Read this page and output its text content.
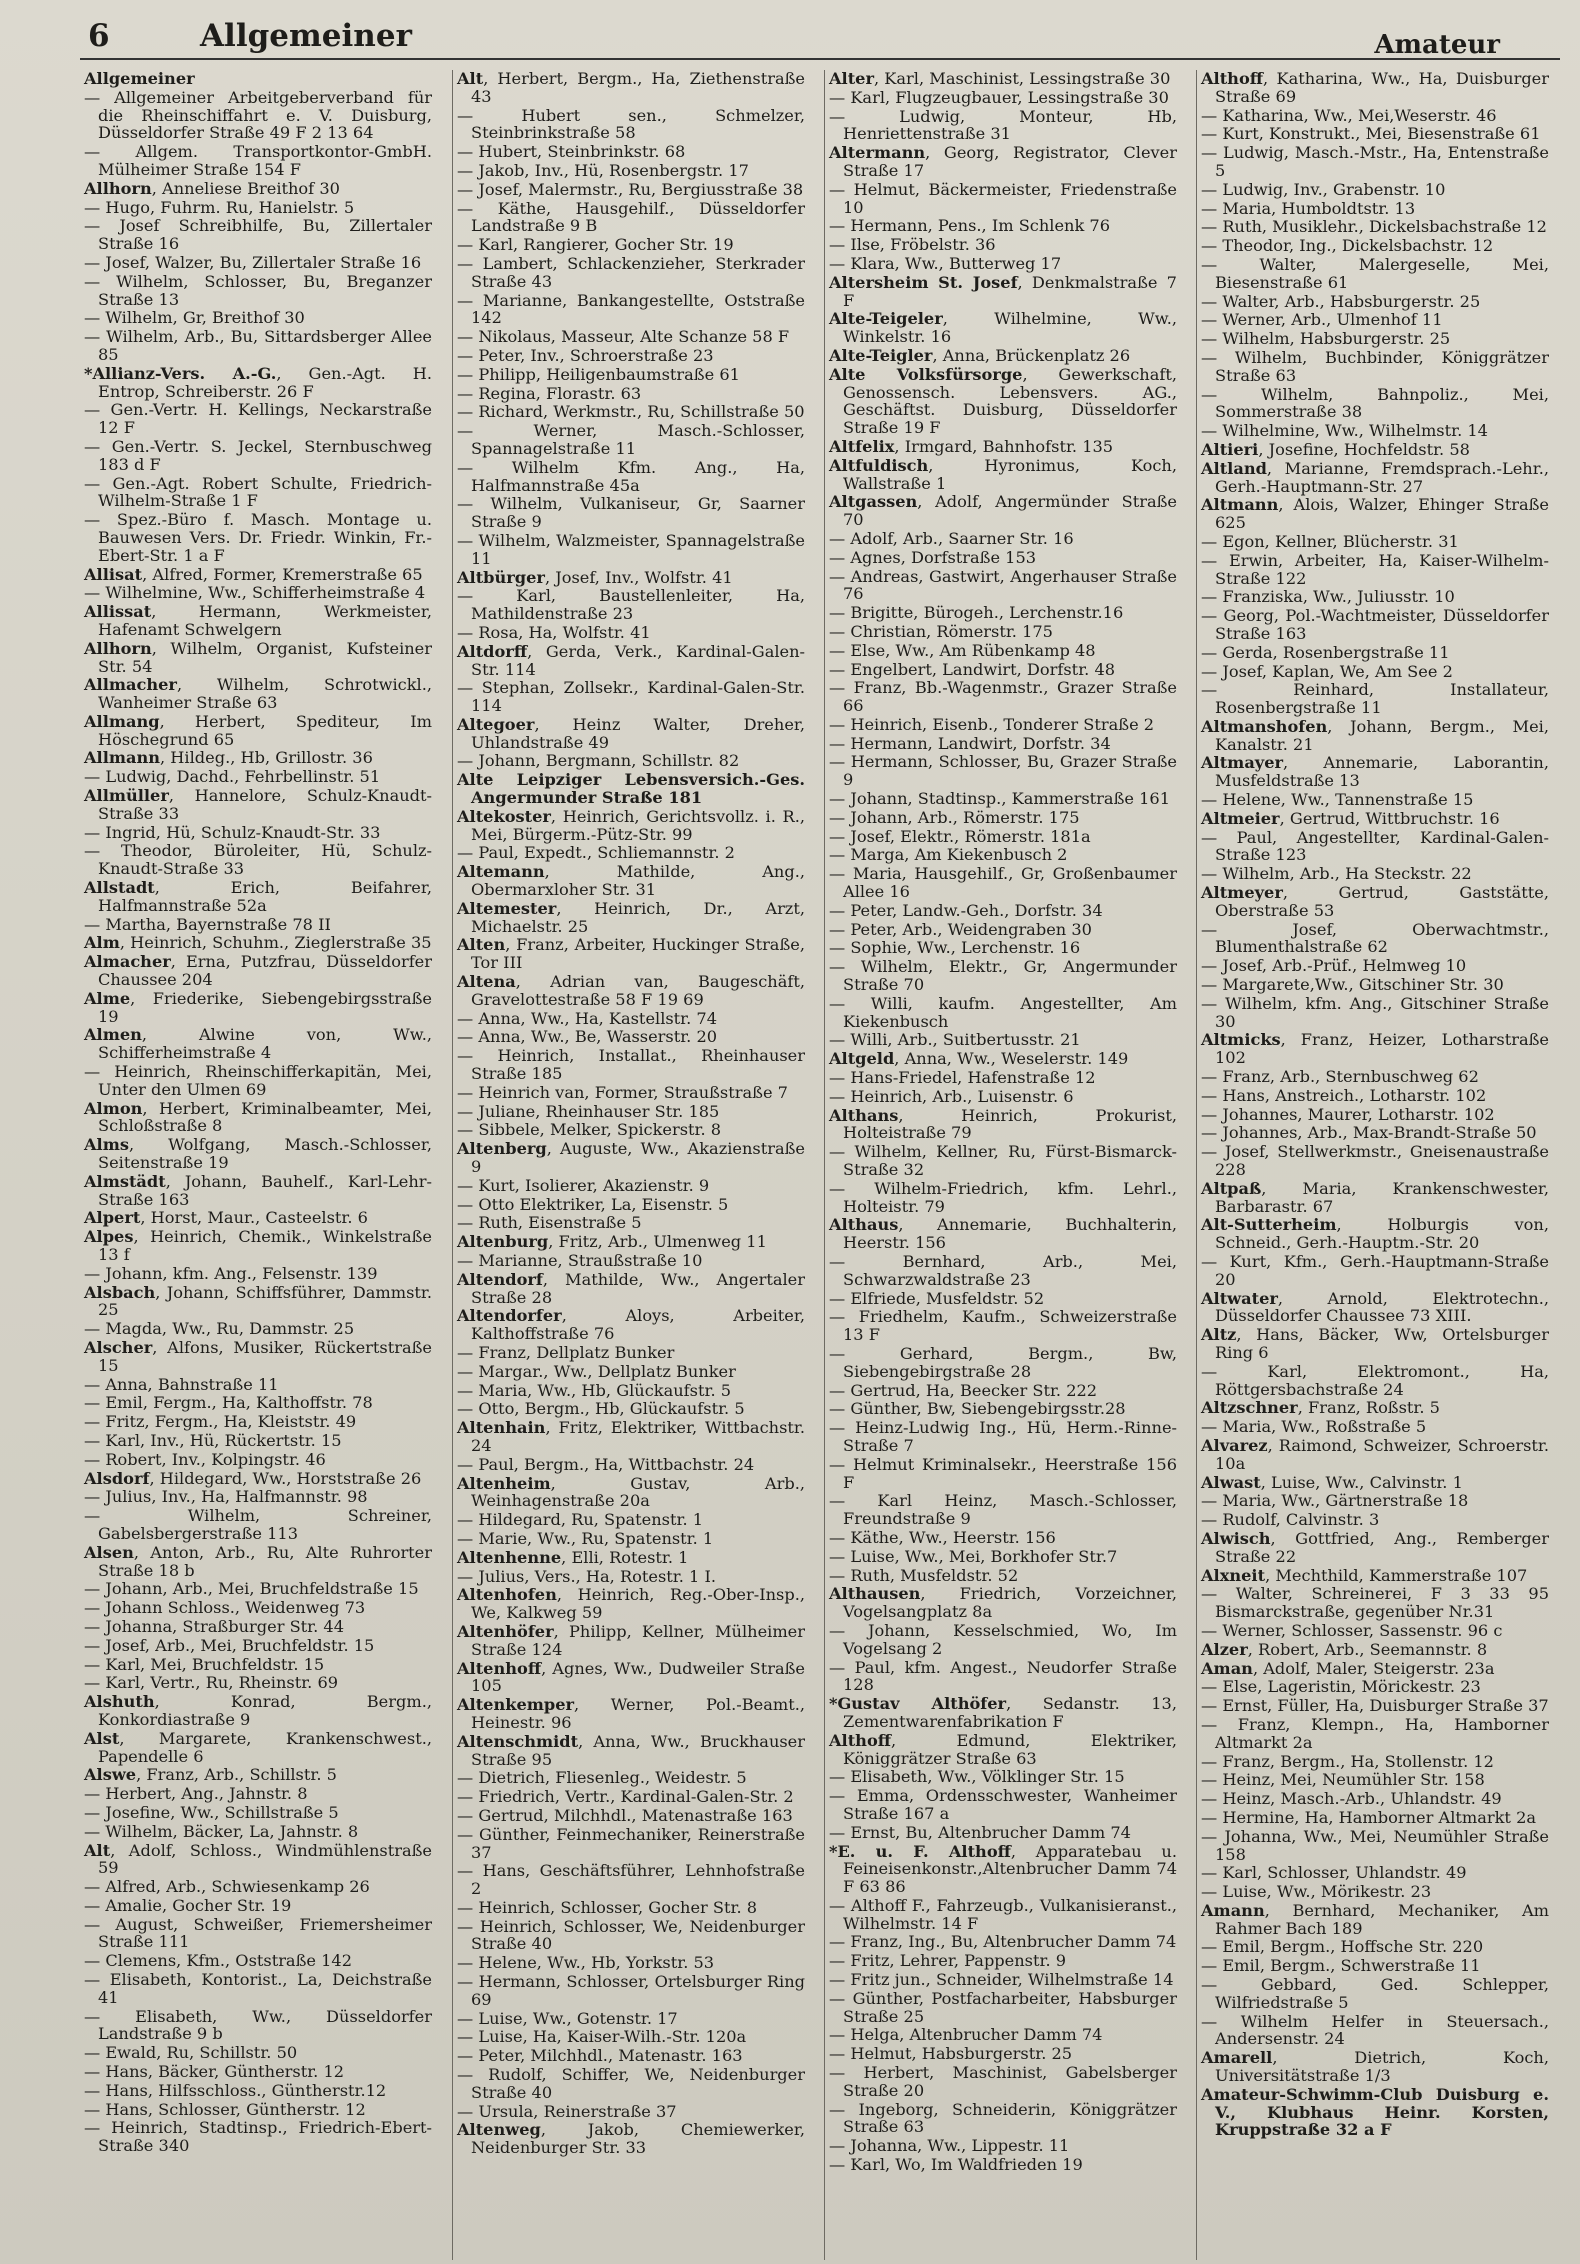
6	Allgemeiner	Amateur
Allgemeiner
— Allgemeiner Arbeitgeberverband für die Rheinschiffahrt e. V. Duisburg, Düsseldorfer Straße 49 F 2 13 64
— Allgem. Transportkontor-GmbH. Mülheimer Straße 154 F
Allhorn, Anneliese Breithof 30
— Hugo, Fuhrm. Ru, Hanielstr. 5
— Josef Schreibhilfe, Bu, Zillertaler Straße 16
— Josef, Walzer, Bu, Zillertaler Straße 16
— Wilhelm, Schlosser, Bu, Breganzer Straße 13
— Wilhelm, Gr, Breithof 30
— Wilhelm, Arb., Bu, Sittardsberger Allee 85
*Allianz-Vers. A.-G., Gen.-Agt. H. Entrop, Schreiberstr. 26 F
— Gen.-Vertr. H. Kellings, Neckarstraße 12 F
— Gen.-Vertr. S. Jeckel, Sternbuschweg 183 d F
— Gen.-Agt. Robert Schulte, Friedrich-Wilhelm-Straße 1 F
— Spez.-Büro f. Masch. Montage u. Bauwesen Vers. Dr. Friedr. Winkin, Fr.-Ebert-Str. 1 a F
Allisat, Alfred, Former, Kremerstraße 65
— Wilhelmine, Ww., Schifferheimstraße 4
Allissat, Hermann, Werkmeister, Hafenamt Schwelgern
Allhorn, Wilhelm, Organist, Kufsteiner Str. 54
Allmacher, Wilhelm, Schrotwickl., Wanheimer Straße 63
Allmang, Herbert, Spediteur, Im Höschegrund 65
Allmann, Hildeg., Hb, Grillostr. 36
— Ludwig, Dachd., Fehrbellinstr. 51
Allmüller, Hannelore, Schulz-Knaudt-Straße 33
— Ingrid, Hü, Schulz-Knaudt-Str. 33
— Theodor, Büroleiter, Hü, Schulz-Knaudt-Straße 33
Allstadt, Erich, Beifahrer, Halfmannstraße 52a
— Martha, Bayernstraße 78 II
Alm, Heinrich, Schuhm., Zieglerstraße 35
Almacher, Erna, Putzfrau, Düsseldorfer Chaussee 204
Alme, Friederike, Siebengebirgsstraße 19
Almen, Alwine von, Ww., Schifferheimstraße 4
— Heinrich, Rheinschifferkapitän, Mei, Unter den Ulmen 69
Almon, Herbert, Kriminalbeamter, Mei, Schloßstraße 8
Alms, Wolfgang, Masch.-Schlosser, Seitenstraße 19
Almstädt, Johann, Bauhelf., Karl-Lehr-Straße 163
Alpert, Horst, Maur., Casteelstr. 6
Alpes, Heinrich, Chemik., Winkelstraße 13 f
— Johann, kfm. Ang., Felsenstr. 139
Alsbach, Johann, Schiffsführer, Dammstr. 25
— Magda, Ww., Ru, Dammstr. 25
Alscher, Alfons, Musiker, Rückertstraße 15
— Anna, Bahnstraße 11
— Emil, Fergm., Ha, Kalthoffstr. 78
— Fritz, Fergm., Ha, Kleiststr. 49
— Karl, Inv., Hü, Rückertstr. 15
— Robert, Inv., Kolpingstr. 46
Alsdorf, Hildegard, Ww., Horststraße 26
— Julius, Inv., Ha, Halfmannstr. 98
— Wilhelm, Schreiner, Gabelsbergerstraße 113
Alsen, Anton, Arb., Ru, Alte Ruhrorter Straße 18 b
— Johann, Arb., Mei, Bruchfeldstraße 15
— Johann Schloss., Weidenweg 73
— Johanna, Straßburger Str. 44
— Josef, Arb., Mei, Bruchfeldstr. 15
— Karl, Mei, Bruchfeldstr. 15
— Karl, Vertr., Ru, Rheinstr. 69
Alshuth, Konrad, Bergm., Konkordiastraße 9
Alst, Margarete, Krankenschwest., Papendelle 6
Alswe, Franz, Arb., Schillstr. 5
— Herbert, Ang., Jahnstr. 8
— Josefine, Ww., Schillstraße 5
— Wilhelm, Bäcker, La, Jahnstr. 8
Alt, Adolf, Schloss., Windmühlenstraße 59
— Alfred, Arb., Schwiesenkamp 26
— Amalie, Gocher Str. 19
— August, Schweißer, Friemersheimer Straße 111
— Clemens, Kfm., Oststraße 142
— Elisabeth, Kontorist., La, Deichstraße 41
— Elisabeth, Ww., Düsseldorfer Landstraße 9 b
— Ewald, Ru, Schillstr. 50
— Hans, Bäcker, Güntherstr. 12
— Hans, Hilfsschloss., Güntherstr.12
— Hans, Schlosser, Güntherstr. 12
— Heinrich, Stadtinsp., Friedrich-Ebert-Straße 340
Alt, Herbert, Bergm., Ha, Ziethenstraße 43
— Hubert sen., Schmelzer, Steinbrinkstraße 58
— Hubert, Steinbrinkstr. 68
— Jakob, Inv., Hü, Rosenbergstr. 17
— Josef, Malermstr., Ru, Bergiusstraße 38
— Käthe, Hausgehilf., Düsseldorfer Landstraße 9 B
— Karl, Rangierer, Gocher Str. 19
— Lambert, Schlackenzieher, Sterkrader Straße 43
— Marianne, Bankangestellte, Oststraße 142
— Nikolaus, Masseur, Alte Schanze 58 F
— Peter, Inv., Schroerstraße 23
— Philipp, Heiligenbaumstraße 61
— Regina, Florastr. 63
— Richard, Werkmstr., Ru, Schillstraße 50
— Werner, Masch.-Schlosser, Spannagelstraße 11
— Wilhelm Kfm. Ang., Ha, Halfmannstraße 45a
— Wilhelm, Vulkaniseur, Gr, Saarner Straße 9
— Wilhelm, Walzmeister, Spannagelstraße 11
Altbürger, Josef, Inv., Wolfstr. 41
— Karl, Baustellenleiter, Ha, Mathildenstraße 23
— Rosa, Ha, Wolfstr. 41
Altdorff, Gerda, Verk., Kardinal-Galen-Str. 114
— Stephan, Zollsekr., Kardinal-Galen-Str. 114
Altegoer, Heinz Walter, Dreher, Uhlandstraße 49
— Johann, Bergmann, Schillstr. 82
Alte Leipziger Lebensversich.-Ges. Angermunder Straße 181
Altekoster, Heinrich, Gerichtsvollz. i. R., Mei, Bürgerm.-Pütz-Str. 99
— Paul, Expedt., Schliemannstr. 2
Altemann, Mathilde, Ang., Obermarxloher Str. 31
Altemester, Heinrich, Dr., Arzt, Michaelstr. 25
Alten, Franz, Arbeiter, Huckinger Straße, Tor III
Altena, Adrian van, Baugeschäft, Gravelottestraße 58 F 19 69
— Anna, Ww., Ha, Kastellstr. 74
— Anna, Ww., Be, Wasserstr. 20
— Heinrich, Installat., Rheinhauser Straße 185
— Heinrich van, Former, Straußstraße 7
— Juliane, Rheinhauser Str. 185
— Sibbele, Melker, Spickerstr. 8
Altenberg, Auguste, Ww., Akazienstraße 9
— Kurt, Isolierer, Akazienstr. 9
— Otto Elektriker, La, Eisenstr. 5
— Ruth, Eisenstraße 5
Altenburg, Fritz, Arb., Ulmenweg 11
— Marianne, Straußstraße 10
Altendorf, Mathilde, Ww., Angertaler Straße 28
Altendorfer, Aloys, Arbeiter, Kalthoffstraße 76
— Franz, Dellplatz Bunker
— Margar., Ww., Dellplatz Bunker
— Maria, Ww., Hb, Glückaufstr. 5
— Otto, Bergm., Hb, Glückaufstr. 5
Altenhain, Fritz, Elektriker, Wittbachstr. 24
— Paul, Bergm., Ha, Wittbachstr. 24
Altenheim, Gustav, Arb., Weinhagenstraße 20a
— Hildegard, Ru, Spatenstr. 1
— Marie, Ww., Ru, Spatenstr. 1
Altenhenne, Elli, Rotestr. 1
— Julius, Vers., Ha, Rotestr. 1 I.
Altenhofen, Heinrich, Reg.-Ober-Insp., We, Kalkweg 59
Altenhöfer, Philipp, Kellner, Mülheimer Straße 124
Altenhoff, Agnes, Ww., Dudweiler Straße 105
Altenkemper, Werner, Pol.-Beamt., Heinestr. 96
Altenschmidt, Anna, Ww., Bruckhauser Straße 95
— Dietrich, Fliesenleg., Weidestr. 5
— Friedrich, Vertr., Kardinal-Galen-Str. 2
— Gertrud, Milchhdl., Matenastraße 163
— Günther, Feinmechaniker, Reinerstraße 37
— Hans, Geschäftsführer, Lehnhofstraße 2
— Heinrich, Schlosser, Gocher Str. 8
— Heinrich, Schlosser, We, Neidenburger Straße 40
— Helene, Ww., Hb, Yorkstr. 53
— Hermann, Schlosser, Ortelsburger Ring 69
— Luise, Ww., Gotenstr. 17
— Luise, Ha, Kaiser-Wilh.-Str. 120a
— Peter, Milchhdl., Matenastr. 163
— Rudolf, Schiffer, We, Neidenburger Straße 40
— Ursula, Reinerstraße 37
Altenweg, Jakob, Chemiewerker, Neidenburger Str. 33
Alter, Karl, Maschinist, Lessingstraße 30
— Karl, Flugzeugbauer, Lessingstraße 30
— Ludwig, Monteur, Hb, Henriettenstraße 31
Altermann, Georg, Registrator, Clever Straße 17
— Helmut, Bäckermeister, Friedenstraße 10
— Hermann, Pens., Im Schlenk 76
— Ilse, Fröbelstr. 36
— Klara, Ww., Butterweg 17
Altersheim St. Josef, Denkmalstraße 7 F
Alte-Teigeler, Wilhelmine, Ww., Winkelstr. 16
Alte-Teigler, Anna, Brückenplatz 26
Alte Volksfürsorge, Gewerkschaft, Genossensch. Lebensvers. AG., Geschäftst. Duisburg, Düsseldorfer Straße 19 F
Altfelix, Irmgard, Bahnhofstr. 135
Altfuldisch, Hyronimus, Koch, Wallstraße 1
Altgassen, Adolf, Angermünder Straße 70
— Adolf, Arb., Saarner Str. 16
— Agnes, Dorfstraße 153
— Andreas, Gastwirt, Angerhauser Straße 76
— Brigitte, Bürogeh., Lerchenstr.16
— Christian, Römerstr. 175
— Else, Ww., Am Rübenkamp 48
— Engelbert, Landwirt, Dorfstr. 48
— Franz, Bb.-Wagenmstr., Grazer Straße 66
— Heinrich, Eisenb., Tonderer Straße 2
— Hermann, Landwirt, Dorfstr. 34
— Hermann, Schlosser, Bu, Grazer Straße 9
— Johann, Stadtinsp., Kammerstraße 161
— Johann, Arb., Römerstr. 175
— Josef, Elektr., Römerstr. 181a
— Marga, Am Kiekenbusch 2
— Maria, Hausgehilf., Gr, Großenbaumer Allee 16
— Peter, Landw.-Geh., Dorfstr. 34
— Peter, Arb., Weidengraben 30
— Sophie, Ww., Lerchenstr. 16
— Wilhelm, Elektr., Gr, Angermunder Straße 70
— Willi, kaufm. Angestellter, Am Kiekenbusch
— Willi, Arb., Suitbertusstr. 21
Altgeld, Anna, Ww., Weselerstr. 149
— Hans-Friedel, Hafenstraße 12
— Heinrich, Arb., Luisenstr. 6
Althans, Heinrich, Prokurist, Holteistraße 79
— Wilhelm, Kellner, Ru, Fürst-Bismarck-Straße 32
— Wilhelm-Friedrich, kfm. Lehrl., Holteistr. 79
Althaus, Annemarie, Buchhalterin, Heerstr. 156
— Bernhard, Arb., Mei, Schwarzwaldstraße 23
— Elfriede, Musfeldstr. 52
— Friedhelm, Kaufm., Schweizerstraße 13 F
— Gerhard, Bergm., Bw, Siebengebirgstraße 28
— Gertrud, Ha, Beecker Str. 222
— Günther, Bw, Siebengebirgsstr.28
— Heinz-Ludwig Ing., Hü, Herm.-Rinne-Straße 7
— Helmut Kriminalsekr., Heerstraße 156 F
— Karl Heinz, Masch.-Schlosser, Freundstraße 9
— Käthe, Ww., Heerstr. 156
— Luise, Ww., Mei, Borkhofer Str.7
— Ruth, Musfeldstr. 52
Althausen, Friedrich, Vorzeichner, Vogelsangplatz 8a
— Johann, Kesselschmied, Wo, Im Vogelsang 2
— Paul, kfm. Angest., Neudorfer Straße 128
*Gustav Althöfer, Sedanstr. 13, Zementwarenfabrikation F
Althoff, Edmund, Elektriker, Königgrätzer Straße 63
— Elisabeth, Ww., Völklinger Str. 15
— Emma, Ordensschwester, Wanheimer Straße 167 a
— Ernst, Bu, Altenbrucher Damm 74
*E. u. F. Althoff, Apparatebau u. Feineisenkonstr.,Altenbrucher Damm 74 F 63 86
— Althoff F., Fahrzeugb., Vulkanisieranst., Wilhelmstr. 14 F
— Franz, Ing., Bu, Altenbrucher Damm 74
— Fritz, Lehrer, Pappenstr. 9
— Fritz jun., Schneider, Wilhelmstraße 14
— Günther, Postfacharbeiter, Habsburger Straße 25
— Helga, Altenbrucher Damm 74
— Helmut, Habsburgerstr. 25
— Herbert, Maschinist, Gabelsberger Straße 20
— Ingeborg, Schneiderin, Königgrätzer Straße 63
— Johanna, Ww., Lippestr. 11
— Karl, Wo, Im Waldfrieden 19
Althoff, Katharina, Ww., Ha, Duisburger Straße 69
— Katharina, Ww., Mei,Weserstr. 46
— Kurt, Konstrukt., Mei, Biesenstraße 61
— Ludwig, Masch.-Mstr., Ha, Entenstraße 5
— Ludwig, Inv., Grabenstr. 10
— Maria, Humboldtstr. 13
— Ruth, Musiklehr., Dickelsbachstraße 12
— Theodor, Ing., Dickelsbachstr. 12
— Walter, Malergeselle, Mei, Biesenstraße 61
— Walter, Arb., Habsburgerstr. 25
— Werner, Arb., Ulmenhof 11
— Wilhelm, Habsburgerstr. 25
— Wilhelm, Buchbinder, Königgrätzer Straße 63
— Wilhelm, Bahnpoliz., Mei, Sommerstraße 38
— Wilhelmine, Ww., Wilhelmstr. 14
Altieri, Josefine, Hochfeldstr. 58
Altland, Marianne, Fremdsprach.-Lehr., Gerh.-Hauptmann-Str. 27
Altmann, Alois, Walzer, Ehinger Straße 625
— Egon, Kellner, Blücherstr. 31
— Erwin, Arbeiter, Ha, Kaiser-Wilhelm-Straße 122
— Franziska, Ww., Juliusstr. 10
— Georg, Pol.-Wachtmeister, Düsseldorfer Straße 163
— Gerda, Rosenbergstraße 11
— Josef, Kaplan, We, Am See 2
— Reinhard, Installateur, Rosenbergstraße 11
Altmanshofen, Johann, Bergm., Mei, Kanalstr. 21
Altmayer, Annemarie, Laborantin, Musfeldstraße 13
— Helene, Ww., Tannenstraße 15
Altmeier, Gertrud, Wittbruchstr. 16
— Paul, Angestellter, Kardinal-Galen-Straße 123
— Wilhelm, Arb., Ha Steckstr. 22
Altmeyer, Gertrud, Gaststätte, Oberstraße 53
— Josef, Oberwachtmstr., Blumenthalstraße 62
— Josef, Arb.-Prüf., Helmweg 10
— Margarete,Ww., Gitschiner Str. 30
— Wilhelm, kfm. Ang., Gitschiner Straße 30
Altmicks, Franz, Heizer, Lotharstraße 102
— Franz, Arb., Sternbuschweg 62
— Hans, Anstreich., Lotharstr. 102
— Johannes, Maurer, Lotharstr. 102
— Johannes, Arb., Max-Brandt-Straße 50
— Josef, Stellwerkmstr., Gneisenaustraße 228
Altpaß, Maria, Krankenschwester, Barbarastr. 67
Alt-Sutterheim, Holburgis von, Schneid., Gerh.-Hauptm.-Str. 20
— Kurt, Kfm., Gerh.-Hauptmann-Straße 20
Altwater, Arnold, Elektrotechn., Düsseldorfer Chaussee 73 XIII.
Altz, Hans, Bäcker, Ww, Ortelsburger Ring 6
— Karl, Elektromont., Ha, Röttgersbachstraße 24
Altzschner, Franz, Roßstr. 5
— Maria, Ww., Roßstraße 5
Alvarez, Raimond, Schweizer, Schroerstr. 10a
Alwast, Luise, Ww., Calvinstr. 1
— Maria, Ww., Gärtnerstraße 18
— Rudolf, Calvinstr. 3
Alwisch, Gottfried, Ang., Remberger Straße 22
Alxneit, Mechthild, Kammerstraße 107
— Walter, Schreinerei, F 3 33 95 Bismarckstraße, gegenüber Nr.31
— Werner, Schlosser, Sassenstr. 96 c
Alzer, Robert, Arb., Seemannstr. 8
Aman, Adolf, Maler, Steigerstr. 23a
— Else, Lageristin, Mörickestr. 23
— Ernst, Füller, Ha, Duisburger Straße 37
— Franz, Klempn., Ha, Hamborner Altmarkt 2a
— Franz, Bergm., Ha, Stollenstr. 12
— Heinz, Mei, Neumühler Str. 158
— Heinz, Masch.-Arb., Uhlandstr. 49
— Hermine, Ha, Hamborner Altmarkt 2a
— Johanna, Ww., Mei, Neumühler Straße 158
— Karl, Schlosser, Uhlandstr. 49
— Luise, Ww., Mörikestr. 23
Amann, Bernhard, Mechaniker, Am Rahmer Bach 189
— Emil, Bergm., Hoffsche Str. 220
— Emil, Bergm., Schwerstraße 11
— Gebbard, Ged. Schlepper, Wilfriedstraße 5
— Wilhelm Helfer in Steuersach., Andersenstr. 24
Amarell, Dietrich, Koch, Universitätstraße 1/3
Amateur-Schwimm-Club Duisburg e. V., Klubhaus Heinr. Korsten, Kruppstraße 32 a F
